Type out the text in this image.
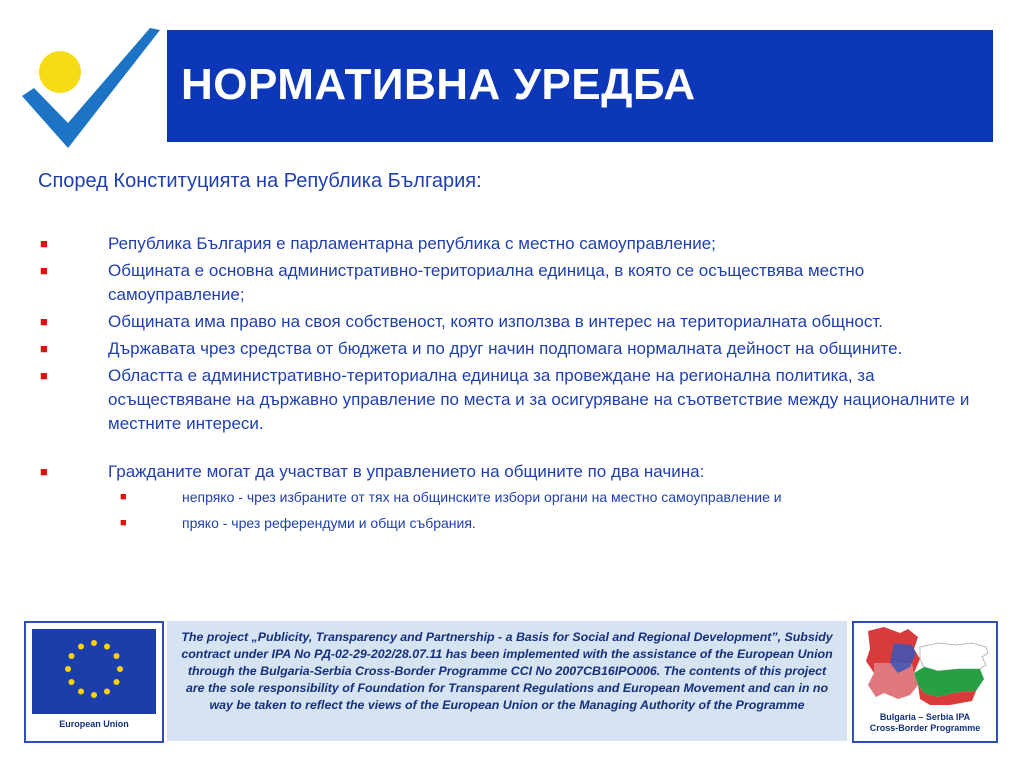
НОРМАТИВНА УРЕДБА
Според Конституцията на Република България:
■	Република България е парламентарна република с местно самоуправление;
■	Общината е основна административно-териториална единица, в която се осъществява местно самоуправление;
■	Общината има право на своя собственост, която използва в интерес на териториалната общност.
■	Държавата чрез средства от бюджета и по друг начин подпомага нормалната дейност на общините.
■	Областта е административно-териториална единица за провеждане на регионална политика, за осъществяване на държавно управление по места и за осигуряване на съответствие между националните и местните интереси.
■	Гражданите могат да участват в управлението на общините по два начина:
■	непряко - чрез избраните от тях на общинските избори органи на местно самоуправление и
■	пряко - чрез референдуми и общи събрания.
European Union

The project „Publicity, Transparency and Partnership - a Basis for Social and Regional Development”, Subsidy contract under IPA No РД-02-29-202/28.07.11 has been implemented with the assistance of the European Union through the Bulgaria-Serbia Cross-Border Programme CCI No 2007CB16IPO006. The contents of this project are the sole responsibility of Foundation for Transparent Regulations and European Movement and can in no way be taken to reflect the views of the European Union or the Managing Authority of the Programme

Bulgaria – Serbia IPA
Cross-Border Programme
